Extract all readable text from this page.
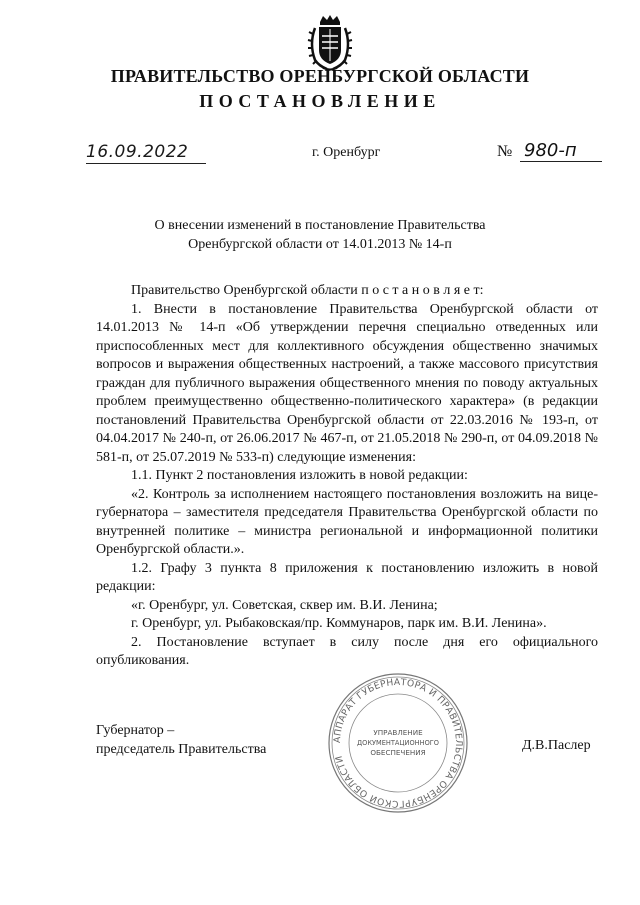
ПРАВИТЕЛЬСТВО ОРЕНБУРГСКОЙ ОБЛАСТИ
ПОСТАНОВЛЕНИЕ
16.09.2022	г. Оренбург	№ 980-п
О внесении изменений в постановление Правительства
Оренбургской области от 14.01.2013 № 14-п

Правительство Оренбургской области п о с т а н о в л я е т:

1. Внести в постановление Правительства Оренбургской области от 14.01.2013 № 14-п «Об утверждении перечня специально отведенных или приспособленных мест для коллективного обсуждения общественно значимых вопросов и выражения общественных настроений, а также массового присутствия граждан для публичного выражения общественного мнения по поводу актуальных проблем преимущественно общественно-политического характера» (в редакции постановлений Правительства Оренбургской области от 22.03.2016 № 193-п, от 04.04.2017 № 240-п, от 26.06.2017 № 467-п, от 21.05.2018 № 290-п, от 04.09.2018 № 581-п, от 25.07.2019 № 533-п) следующие изменения:

1.1. Пункт 2 постановления изложить в новой редакции:

«2. Контроль за исполнением настоящего постановления возложить на вице-губернатора – заместителя председателя Правительства Оренбургской области по внутренней политике – министра региональной и информационной политики Оренбургской области.».

1.2. Графу 3 пункта 8 приложения к постановлению изложить в новой редакции:

«г. Оренбург, ул. Советская, сквер им. В.И. Ленина;

г. Оренбург, ул. Рыбаковская/пр. Коммунаров, парк им. В.И. Ленина».

2. Постановление вступает в силу после дня его официального опубликования.

Губернатор –
председатель Правительства	Д.В.Паслер
АППАРАТ ГУБЕРНАТОРА И ПРАВИТЕЛЬСТВА ОРЕНБУРГСКОЙ ОБЛАСТИ
УПРАВЛЕНИЕ
ДОКУМЕНТАЦИОННОГО
ОБЕСПЕЧЕНИЯ
